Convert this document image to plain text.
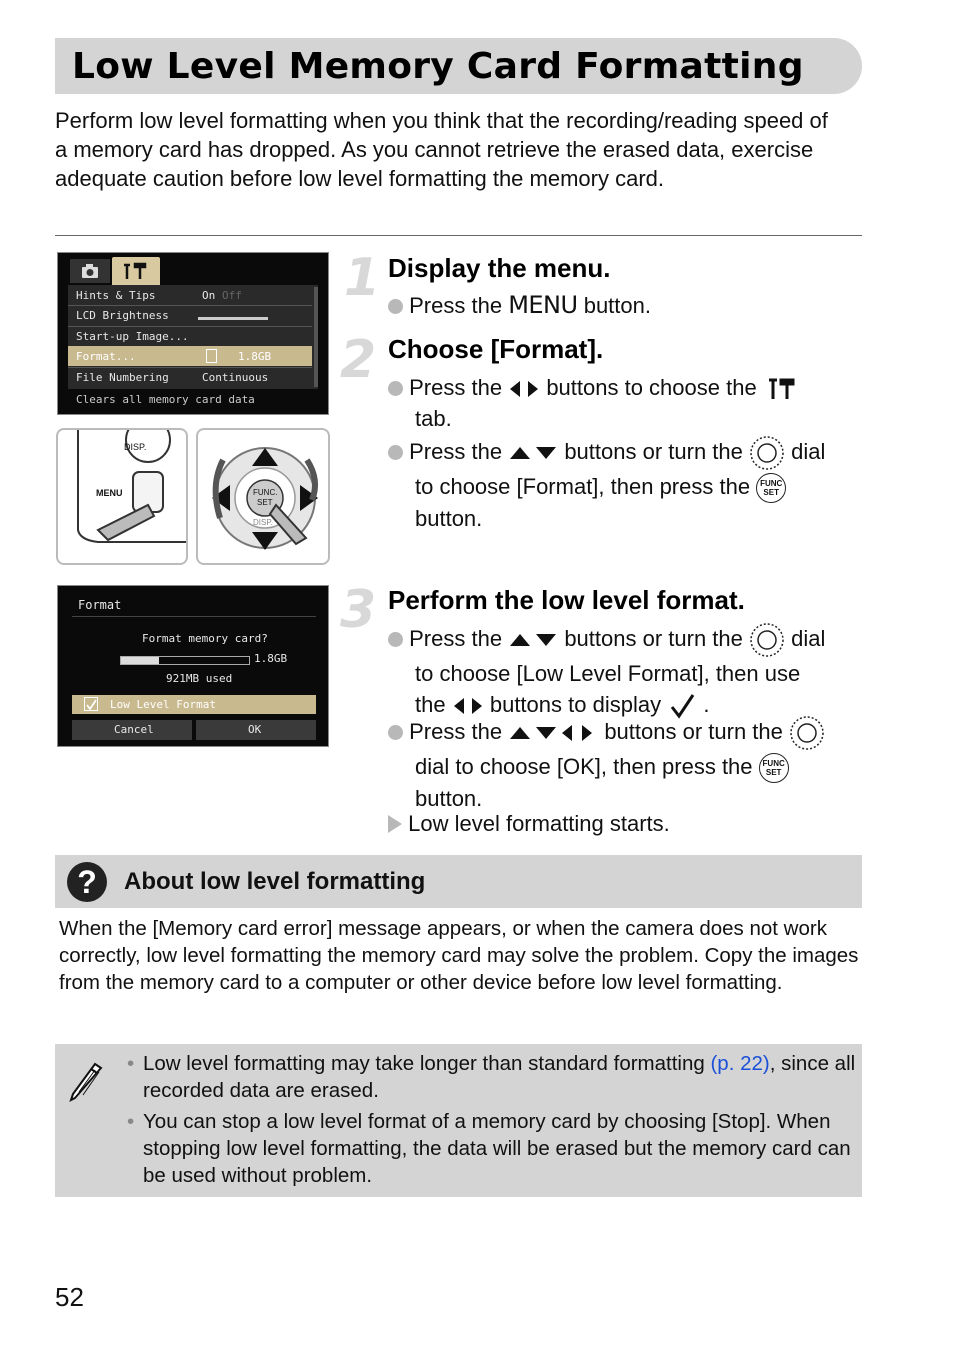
Low Level Memory Card Formatting
Perform low level formatting when you think that the recording/reading speed of a memory card has dropped. As you cannot retrieve the erased data, exercise adequate caution before low level formatting the memory card.
Hints & Tips	On Off
LCD Brightness
Start-up Image...
Format...	1.8GB
File Numbering	Continuous
Clears all memory card data
DISP.
MENU	FUNC.
SET
DISP.
Format
Format memory card?
1.8GB
921MB used
Low Level Format
Cancel	OK
1 Display the menu.
Press the MENU button.
2 Choose [Format].
Press the buttons to choose the
tab.
Press the	buttons or turn the dial
to choose [Format], then press the FUNC
SET
button.
3 Perform the low level format.
Press the	buttons or turn the dial
to choose [Low Level Format], then use
the buttons to display .
Press the	buttons or turn the
dial to choose [OK], then press the FUNC
SET
button.
Low level formatting starts.
?	About low level formatting
When the [Memory card error] message appears, or when the camera does not work correctly, low level formatting the memory card may solve the problem. Copy the images from the memory card to a computer or other device before low level formatting.
• Low level formatting may take longer than standard formatting (p. 22), since all recorded data are erased.
• You can stop a low level format of a memory card by choosing [Stop]. When stopping low level formatting, the data will be erased but the memory card can be used without problem.
52
